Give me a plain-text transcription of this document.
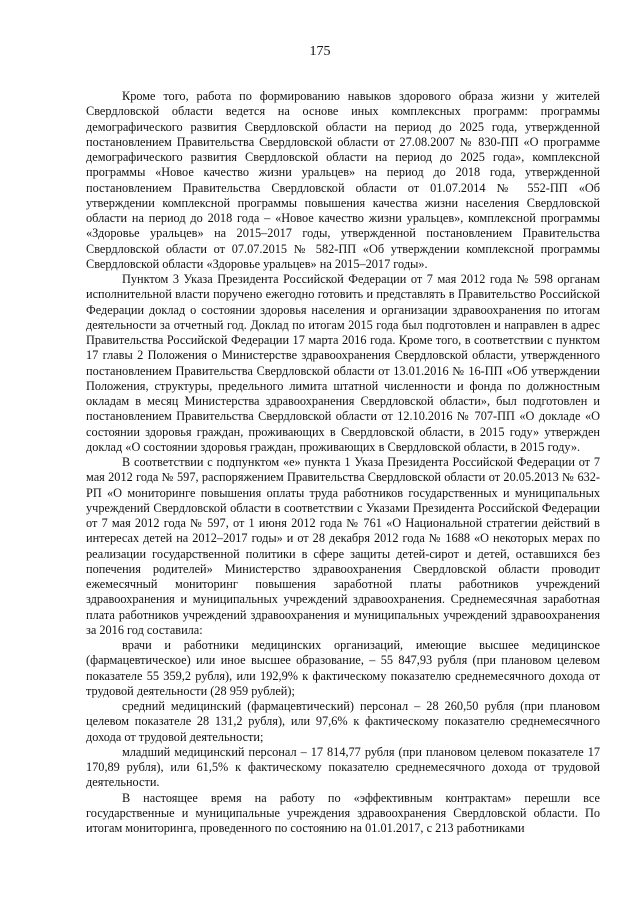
175

Кроме того, работа по формированию навыков здорового образа жизни у жителей Свердловской области ведется на основе иных комплексных программ: программы демографического развития Свердловской области на период до 2025 года, утвержденной постановлением Правительства Свердловской области от 27.08.2007 № 830-ПП «О программе демографического развития Свердловской области на период до 2025 года», комплексной программы «Новое качество жизни уральцев» на период до 2018 года, утвержденной постановлением Правительства Свердловской области от 01.07.2014 № 552-ПП «Об утверждении комплексной программы повышения качества жизни населения Свердловской области на период до 2018 года – «Новое качество жизни уральцев», комплексной программы «Здоровье уральцев» на 2015–2017 годы, утвержденной постановлением Правительства Свердловской области от 07.07.2015 № 582-ПП «Об утверждении комплексной программы Свердловской области «Здоровье уральцев» на 2015–2017 годы».

Пунктом 3 Указа Президента Российской Федерации от 7 мая 2012 года № 598 органам исполнительной власти поручено ежегодно готовить и представлять в Правительство Российской Федерации доклад о состоянии здоровья населения и организации здравоохранения по итогам деятельности за отчетный год. Доклад по итогам 2015 года был подготовлен и направлен в адрес Правительства Российской Федерации 17 марта 2016 года. Кроме того, в соответствии с пунктом 17 главы 2 Положения о Министерстве здравоохранения Свердловской области, утвержденного постановлением Правительства Свердловской области от 13.01.2016 № 16-ПП «Об утверждении Положения, структуры, предельного лимита штатной численности и фонда по должностным окладам в месяц Министерства здравоохранения Свердловской области», был подготовлен и постановлением Правительства Свердловской области от 12.10.2016 № 707-ПП «О докладе «О состоянии здоровья граждан, проживающих в Свердловской области, в 2015 году» утвержден доклад «О состоянии здоровья граждан, проживающих в Свердловской области, в 2015 году».

В соответствии с подпунктом «е» пункта 1 Указа Президента Российской Федерации от 7 мая 2012 года № 597, распоряжением Правительства Свердловской области от 20.05.2013 № 632-РП «О мониторинге повышения оплаты труда работников государственных и муниципальных учреждений Свердловской области в соответствии с Указами Президента Российской Федерации от 7 мая 2012 года № 597, от 1 июня 2012 года № 761 «О Национальной стратегии действий в интересах детей на 2012–2017 годы» и от 28 декабря 2012 года № 1688 «О некоторых мерах по реализации государственной политики в сфере защиты детей-сирот и детей, оставшихся без попечения родителей» Министерство здравоохранения Свердловской области проводит ежемесячный мониторинг повышения заработной платы работников учреждений здравоохранения и муниципальных учреждений здравоохранения. Среднемесячная заработная плата работников учреждений здравоохранения и муниципальных учреждений здравоохранения за 2016 год составила:

врачи и работники медицинских организаций, имеющие высшее медицинское (фармацевтическое) или иное высшее образование, – 55 847,93 рубля (при плановом целевом показателе 55 359,2 рубля), или 192,9% к фактическому показателю среднемесячного дохода от трудовой деятельности (28 959 рублей);

средний медицинский (фармацевтический) персонал – 28 260,50 рубля (при плановом целевом показателе 28 131,2 рубля), или 97,6% к фактическому показателю среднемесячного дохода от трудовой деятельности;

младший медицинский персонал – 17 814,77 рубля (при плановом целевом показателе 17 170,89 рубля), или 61,5% к фактическому показателю среднемесячного дохода от трудовой деятельности.

В настоящее время на работу по «эффективным контрактам» перешли все государственные и муниципальные учреждения здравоохранения Свердловской области. По итогам мониторинга, проведенного по состоянию на 01.01.2017, с 213 работниками
